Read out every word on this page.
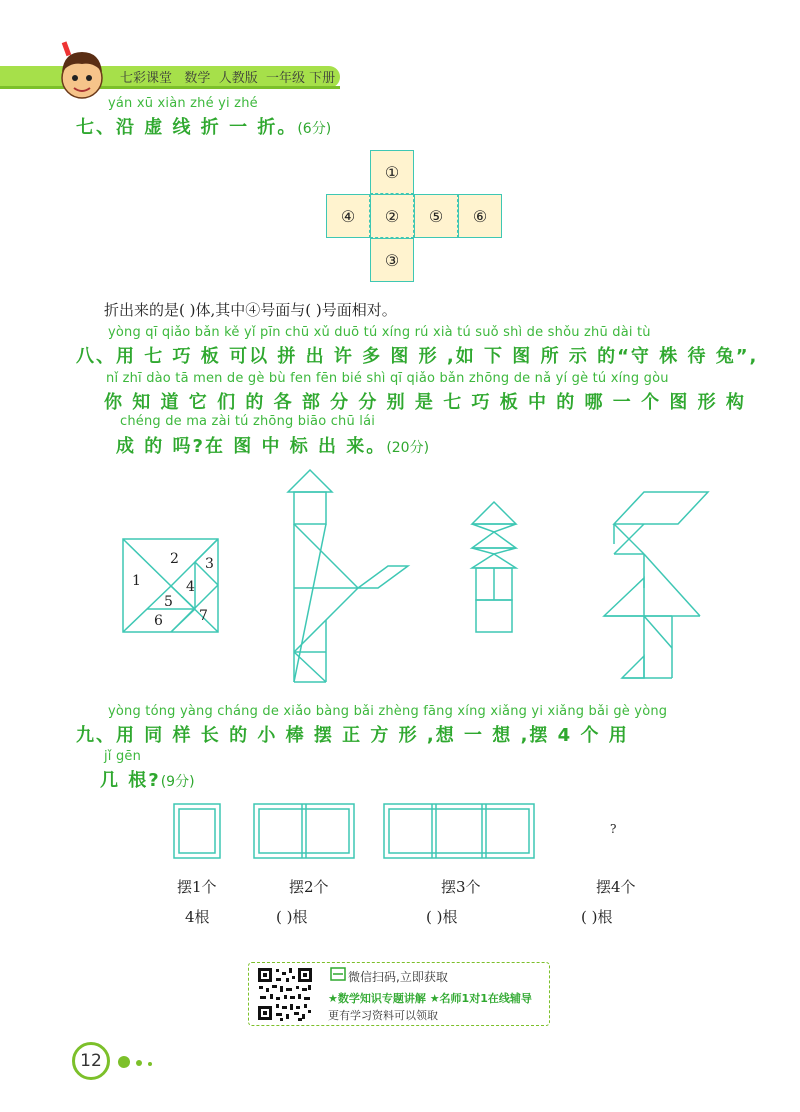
七彩课堂 数学 人教版 一年级 下册
yán xū xiàn zhé yi zhé
七、沿 虚 线 折 一 折。(6分)
①
④	②	⑤	⑥
③
折出来的是( )体,其中④号面与( )号面相对。
yòng qī qiǎo bǎn kě yǐ pīn chū xǔ duō tú xíng rú xià tú suǒ shì de shǒu zhū dài tù
八、用 七 巧 板 可以 拼 出 许 多 图 形 ,如 下 图 所 示 的“守 株 待 兔”,
nǐ zhī dào tā men de gè bù fen fēn bié shì qī qiǎo bǎn zhōng de nǎ yí gè tú xíng gòu
你 知 道 它 们 的 各 部 分 分 别 是 七 巧 板 中 的 哪 一 个 图 形 构
chéng de ma zài tú zhōng biāo chū lái
成 的 吗?在 图 中 标 出 来。(20分)
1
2 3
4
5
6	7
yòng tóng yàng cháng de xiǎo bàng bǎi zhèng fāng xíng xiǎng yi xiǎng bǎi gè yòng
九、用 同 样 长 的 小 棒 摆 正 方 形 ,想 一 想 ,摆 4 个 用
jǐ gēn
几 根?(9分)
?
摆1个	摆2个	摆3个	摆4个
4根	( )根	( )根	( )根
微信扫码,立即获取
★数学知识专题讲解 ★名师1对1在线辅导
更有学习资料可以领取
12
